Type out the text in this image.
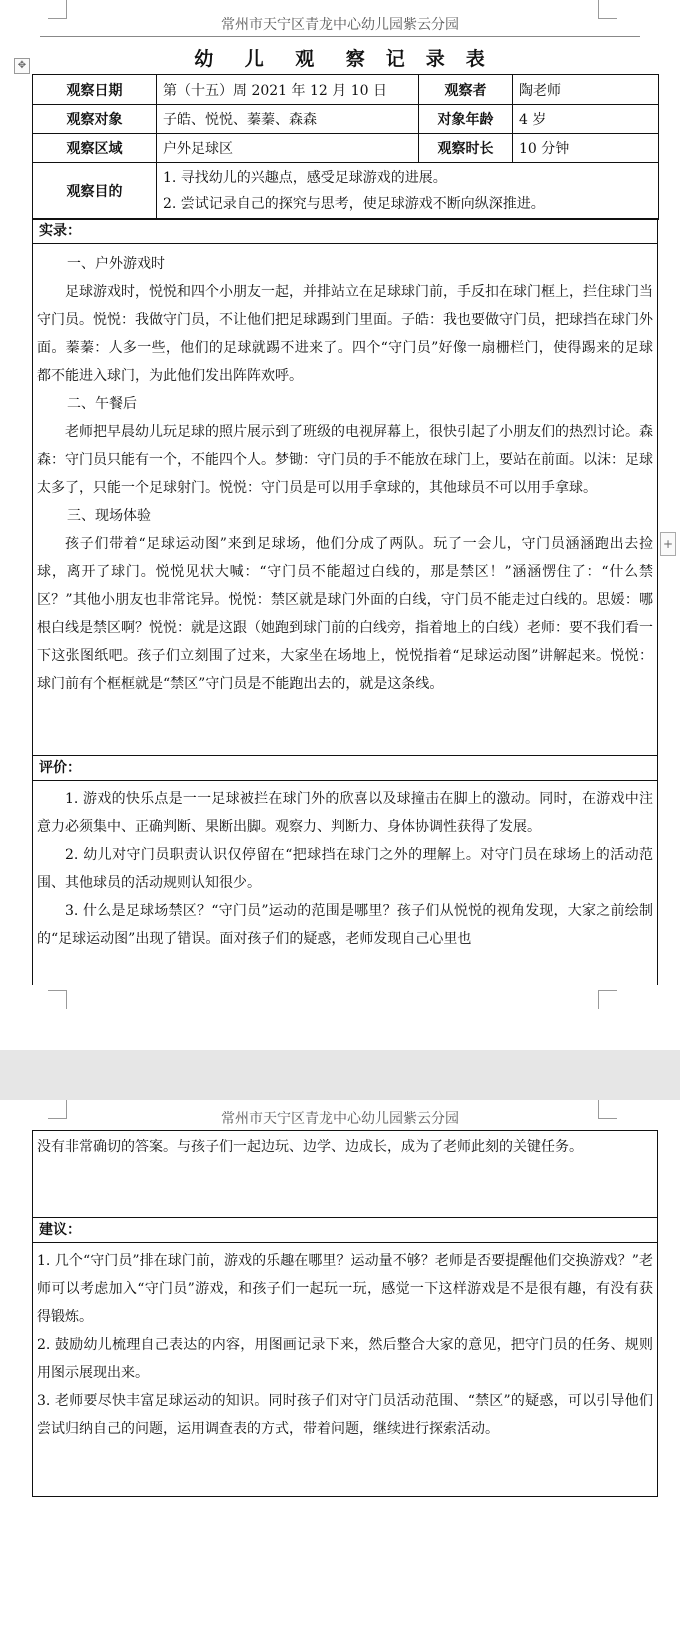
常州市天宁区青龙中心幼儿园紫云分园
✥	幼   儿   观   察  记  录  表
观察日期	第（十五）周 2021 年 12 月 10 日	观察者	陶老师
观察对象	子皓、悦悦、蓁蓁、森森	对象年龄	4 岁
观察区域	户外足球区	观察时长	10 分钟
观察目的	1. 寻找幼儿的兴趣点，感受足球游戏的进展。
2. 尝试记录自己的探究与思考，使足球游戏不断向纵深推进。		
实录：

一、户外游戏时

足球游戏时，悦悦和四个小朋友一起，并排站立在足球球门前，手反扣在球门框上，拦住球门当守门员。悦悦：我做守门员，不让他们把足球踢到门里面。子皓：我也要做守门员，把球挡在球门外面。蓁蓁：人多一些，他们的足球就踢不进来了。四个“守门员”好像一扇栅栏门，使得踢来的足球都不能进入球门，为此他们发出阵阵欢呼。

二、午餐后

老师把早晨幼儿玩足球的照片展示到了班级的电视屏幕上，很快引起了小朋友们的热烈讨论。森森：守门员只能有一个，不能四个人。梦锄：守门员的手不能放在球门上，要站在前面。以沫：足球太多了，只能一个足球射门。悦悦：守门员是可以用手拿球的，其他球员不可以用手拿球。

三、现场体验

孩子们带着“足球运动图”来到足球场，他们分成了两队。玩了一会儿，守门员涵涵跑出去捡球，离开了球门。悦悦见状大喊：“守门员不能超过白线的，那是禁区！”涵涵愣住了：“什么禁区？”其他小朋友也非常诧异。悦悦：禁区就是球门外面的白线，守门员不能走过白线的。思媛：哪根白线是禁区啊？悦悦：就是这跟（她跑到球门前的白线旁，指着地上的白线）老师：要不我们看一下这张图纸吧。孩子们立刻围了过来，大家坐在场地上，悦悦指着“足球运动图”讲解起来。悦悦：球门前有个框框就是“禁区”守门员是不能跑出去的，就是这条线。

评价：

1. 游戏的快乐点是一一足球被拦在球门外的欣喜以及球撞击在脚上的激动。同时，在游戏中注意力必须集中、正确判断、果断出脚。观察力、判断力、身体协调性获得了发展。

2. 幼儿对守门员职责认识仅停留在“把球挡在球门之外的理解上。对守门员在球场上的活动范围、其他球员的活动规则认知很少。

3. 什么是足球场禁区？“守门员”运动的范围是哪里？孩子们从悦悦的视角发现，大家之前绘制的“足球运动图”出现了错误。面对孩子们的疑惑，老师发现自己心里也

+
常州市天宁区青龙中心幼儿园紫云分园

没有非常确切的答案。与孩子们一起边玩、边学、边成长，成为了老师此刻的关键任务。

建议：

1. 几个“守门员”排在球门前，游戏的乐趣在哪里？运动量不够？老师是否要提醒他们交换游戏？”老师可以考虑加入“守门员”游戏，和孩子们一起玩一玩，感觉一下这样游戏是不是很有趣，有没有获得锻炼。

2. 鼓励幼儿梳理自己表达的内容，用图画记录下来，然后整合大家的意见，把守门员的任务、规则用图示展现出来。

3. 老师要尽快丰富足球运动的知识。同时孩子们对守门员活动范围、“禁区”的疑惑，可以引导他们尝试归纳自己的问题，运用调查表的方式，带着问题，继续进行探索活动。
